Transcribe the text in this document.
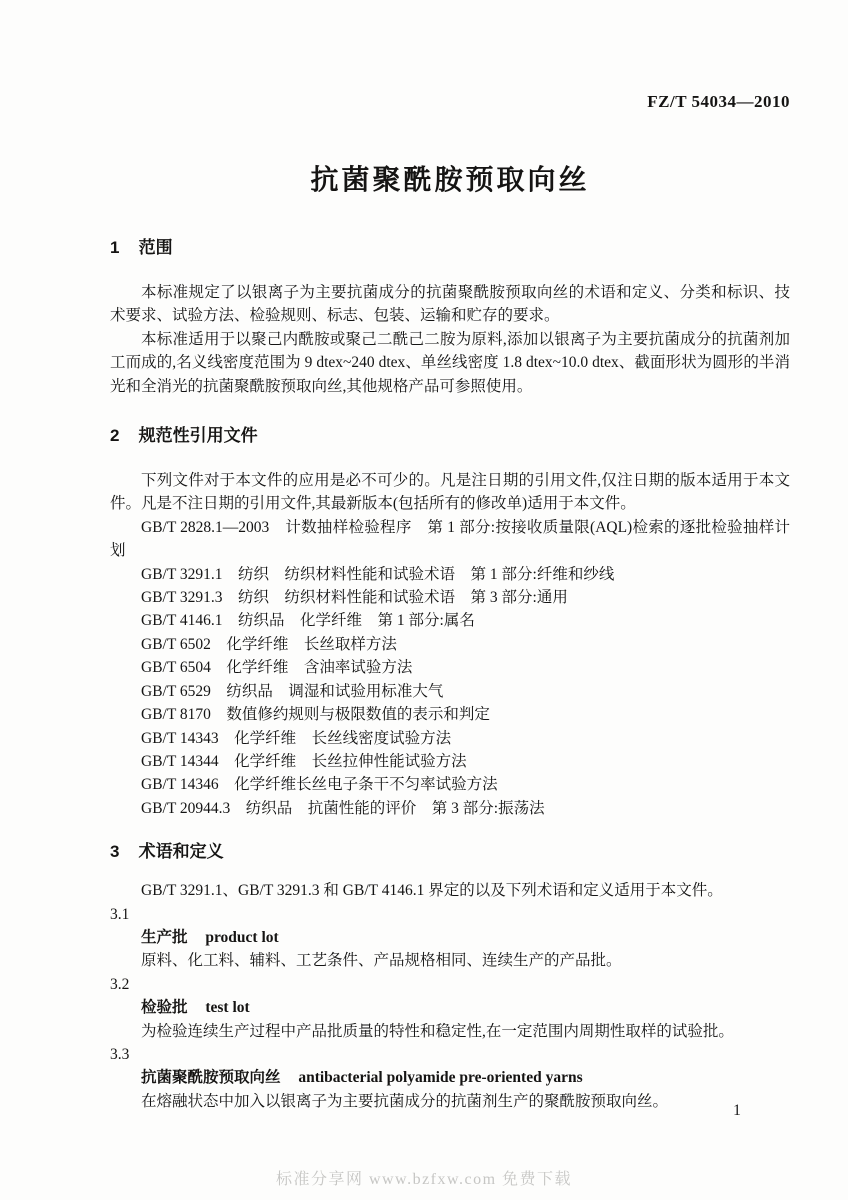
FZ/T 54034—2010
抗菌聚酰胺预取向丝
1 范围

本标准规定了以银离子为主要抗菌成分的抗菌聚酰胺预取向丝的术语和定义、分类和标识、技术要求、试验方法、检验规则、标志、包装、运输和贮存的要求。

本标准适用于以聚己内酰胺或聚己二酰己二胺为原料,添加以银离子为主要抗菌成分的抗菌剂加工而成的,名义线密度范围为 9 dtex~240 dtex、单丝线密度 1.8 dtex~10.0 dtex、截面形状为圆形的半消光和全消光的抗菌聚酰胺预取向丝,其他规格产品可参照使用。

2 规范性引用文件

下列文件对于本文件的应用是必不可少的。凡是注日期的引用文件,仅注日期的版本适用于本文件。凡是不注日期的引用文件,其最新版本(包括所有的修改单)适用于本文件。

GB/T 2828.1—2003　计数抽样检验程序　第 1 部分:按接收质量限(AQL)检索的逐批检验抽样计划

GB/T 3291.1　纺织　纺织材料性能和试验术语　第 1 部分:纤维和纱线

GB/T 3291.3　纺织　纺织材料性能和试验术语　第 3 部分:通用

GB/T 4146.1　纺织品　化学纤维　第 1 部分:属名

GB/T 6502　化学纤维　长丝取样方法

GB/T 6504　化学纤维　含油率试验方法

GB/T 6529　纺织品　调湿和试验用标准大气

GB/T 8170　数值修约规则与极限数值的表示和判定

GB/T 14343　化学纤维　长丝线密度试验方法

GB/T 14344　化学纤维　长丝拉伸性能试验方法

GB/T 14346　化学纤维长丝电子条干不匀率试验方法

GB/T 20944.3　纺织品　抗菌性能的评价　第 3 部分:振荡法

3 术语和定义

GB/T 3291.1、GB/T 3291.3 和 GB/T 4146.1 界定的以及下列术语和定义适用于本文件。

3.1

生产批 product lot

原料、化工料、辅料、工艺条件、产品规格相同、连续生产的产品批。

3.2

检验批 test lot

为检验连续生产过程中产品批质量的特性和稳定性,在一定范围内周期性取样的试验批。

3.3

抗菌聚酰胺预取向丝 antibacterial polyamide pre-oriented yarns

在熔融状态中加入以银离子为主要抗菌成分的抗菌剂生产的聚酰胺预取向丝。

1
标准分享网 www.bzfxw.com 免费下载
